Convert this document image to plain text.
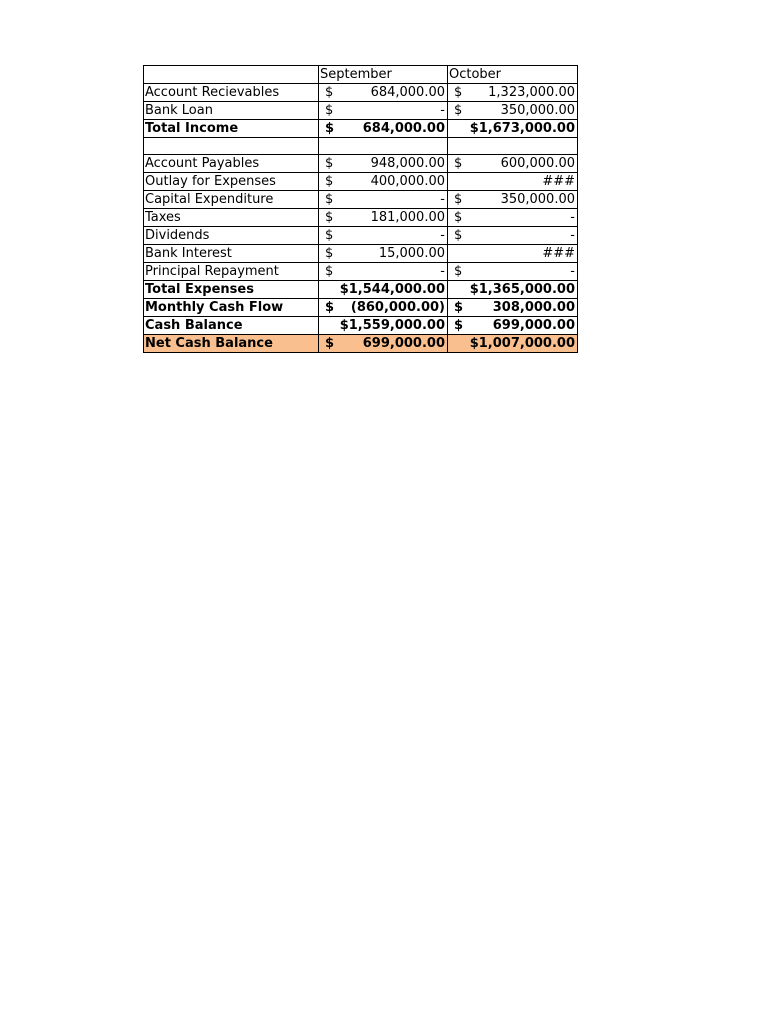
	September	October
Account Recievables	$ 684,000.00	$ 1,323,000.00

Bank Loan	$ -	$ 350,000.00

Total Income	$ 684,000.00	$1,673,000.00

Account Payables	$ 948,000.00	$ 600,000.00

Outlay for Expenses	$ 400,000.00	###

Capital Expenditure	$ -	$ 350,000.00

Taxes	$ 181,000.00	$ -

Dividends	$ -	$ -

Bank Interest	$ 15,000.00	###

Principal Repayment	$ -	$ -

Total Expenses	$1,544,000.00	$1,365,000.00

Monthly Cash Flow	$ (860,000.00)	$ 308,000.00

Cash Balance	$1,559,000.00	$ 699,000.00

Net Cash Balance	$ 699,000.00	$1,007,000.00
